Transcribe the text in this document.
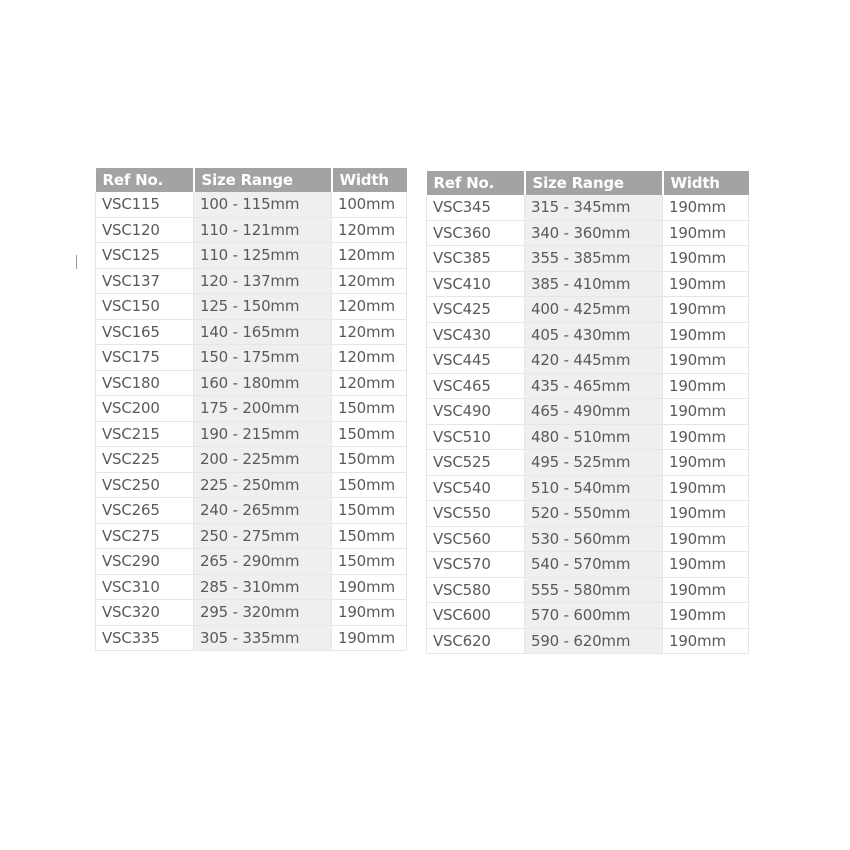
Ref No.	Size Range	Width
VSC115	100 - 115mm	100mm
VSC120	110 - 121mm	120mm
VSC125	110 - 125mm	120mm
VSC137	120 - 137mm	120mm
VSC150	125 - 150mm	120mm
VSC165	140 - 165mm	120mm
VSC175	150 - 175mm	120mm
VSC180	160 - 180mm	120mm
VSC200	175 - 200mm	150mm
VSC215	190 - 215mm	150mm
VSC225	200 - 225mm	150mm
VSC250	225 - 250mm	150mm
VSC265	240 - 265mm	150mm
VSC275	250 - 275mm	150mm
VSC290	265 - 290mm	150mm
VSC310	285 - 310mm	190mm
VSC320	295 - 320mm	190mm
VSC335	305 - 335mm	190mm
Ref No.	Size Range	Width
VSC345	315 - 345mm	190mm
VSC360	340 - 360mm	190mm
VSC385	355 - 385mm	190mm
VSC410	385 - 410mm	190mm
VSC425	400 - 425mm	190mm
VSC430	405 - 430mm	190mm
VSC445	420 - 445mm	190mm
VSC465	435 - 465mm	190mm
VSC490	465 - 490mm	190mm
VSC510	480 - 510mm	190mm
VSC525	495 - 525mm	190mm
VSC540	510 - 540mm	190mm
VSC550	520 - 550mm	190mm
VSC560	530 - 560mm	190mm
VSC570	540 - 570mm	190mm
VSC580	555 - 580mm	190mm
VSC600	570 - 600mm	190mm
VSC620	590 - 620mm	190mm
